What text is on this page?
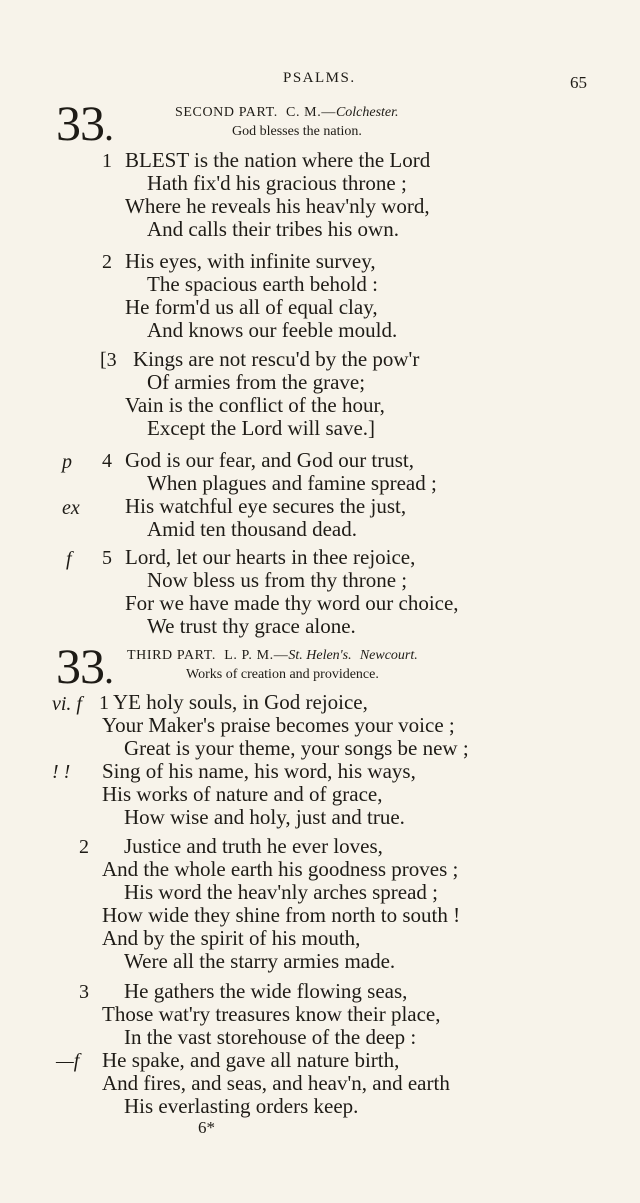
PSALMS.	65
33.	SECOND PART. C. M.—Colchester.
God blesses the nation.
1 BLEST is the nation where the Lord
Hath fix'd his gracious throne ;
Where he reveals his heav'nly word,
And calls their tribes his own.
2 His eyes, with infinite survey,
The spacious earth behold :
He form'd us all of equal clay,
And knows our feeble mould.
[3 Kings are not rescu'd by the pow'r
Of armies from the grave;
Vain is the conflict of the hour,
Except the Lord will save.]
p 4 God is our fear, and God our trust,
When plagues and famine spread ;
ex His watchful eye secures the just,
Amid ten thousand dead.
f 5 Lord, let our hearts in thee rejoice,
Now bless us from thy throne ;
For we have made thy word our choice,
We trust thy grace alone.
33. THIRD PART. L. P. M.—St. Helen's. Newcourt.
Works of creation and providence.
vi. f 1 YE holy souls, in God rejoice,
Your Maker's praise becomes your voice ;
Great is your theme, your songs be new ;
! ! Sing of his name, his word, his ways,
His works of nature and of grace,
How wise and holy, just and true.
2 Justice and truth he ever loves,
And the whole earth his goodness proves ;
His word the heav'nly arches spread ;
How wide they shine from north to south !
And by the spirit of his mouth,
Were all the starry armies made.
3 He gathers the wide flowing seas,
Those wat'ry treasures know their place,
In the vast storehouse of the deep :
—f He spake, and gave all nature birth,
And fires, and seas, and heav'n, and earth
His everlasting orders keep.
6*
